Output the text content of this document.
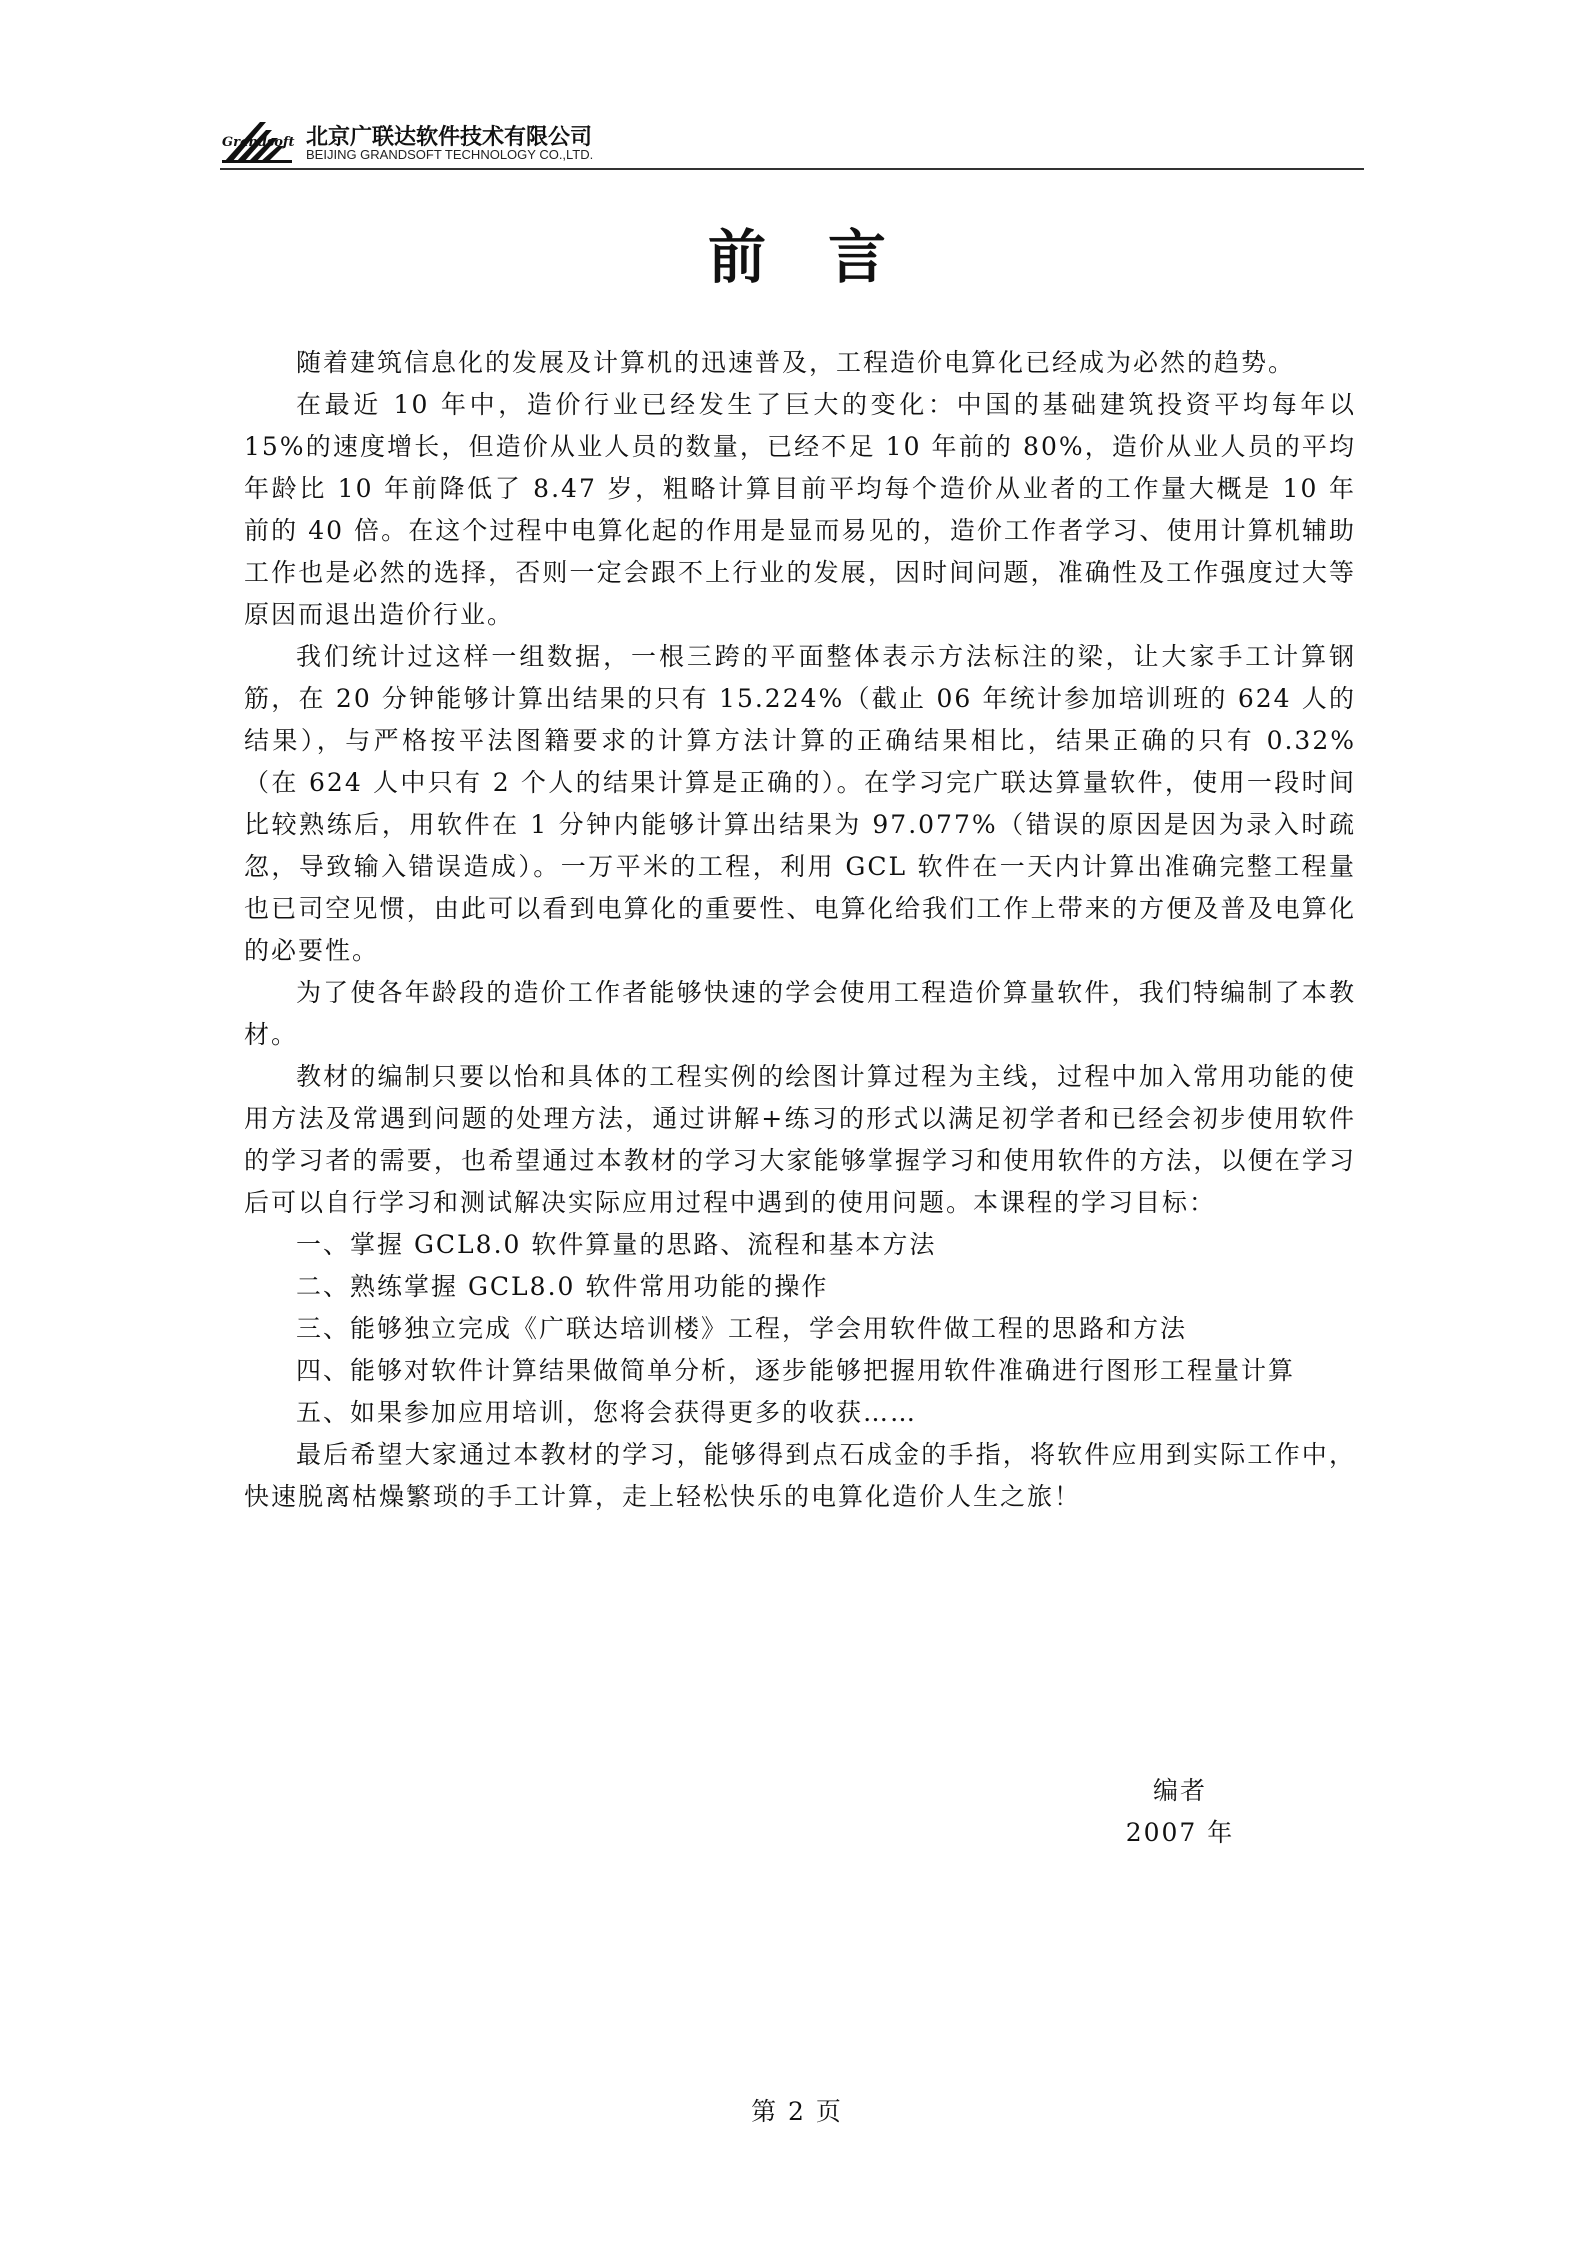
Grandsoft 北京广联达软件技术有限公司
BEIJING GRANDSOFT TECHNOLOGY CO.,LTD.
前言

随着建筑信息化的发展及计算机的迅速普及，工程造价电算化已经成为必然的趋势。

在最近 10 年中，造价行业已经发生了巨大的变化：中国的基础建筑投资平均每年以 15%的速度增长，但造价从业人员的数量，已经不足 10 年前的 80%，造价从业人员的平均年龄比 10 年前降低了 8.47 岁，粗略计算目前平均每个造价从业者的工作量大概是 10 年前的 40 倍。在这个过程中电算化起的作用是显而易见的，造价工作者学习、使用计算机辅助工作也是必然的选择，否则一定会跟不上行业的发展，因时间问题，准确性及工作强度过大等原因而退出造价行业。

我们统计过这样一组数据，一根三跨的平面整体表示方法标注的梁，让大家手工计算钢筋，在 20 分钟能够计算出结果的只有 15.224%（截止 06 年统计参加培训班的 624 人的结果），与严格按平法图籍要求的计算方法计算的正确结果相比，结果正确的只有 0.32%（在 624 人中只有 2 个人的结果计算是正确的）。在学习完广联达算量软件，使用一段时间比较熟练后，用软件在 1 分钟内能够计算出结果为 97.077%（错误的原因是因为录入时疏忽，导致输入错误造成）。一万平米的工程，利用 GCL 软件在一天内计算出准确完整工程量也已司空见惯，由此可以看到电算化的重要性、电算化给我们工作上带来的方便及普及电算化的必要性。

为了使各年龄段的造价工作者能够快速的学会使用工程造价算量软件，我们特编制了本教材。

教材的编制只要以怡和具体的工程实例的绘图计算过程为主线，过程中加入常用功能的使用方法及常遇到问题的处理方法，通过讲解+练习的形式以满足初学者和已经会初步使用软件的学习者的需要，也希望通过本教材的学习大家能够掌握学习和使用软件的方法，以便在学习后可以自行学习和测试解决实际应用过程中遇到的使用问题。本课程的学习目标：

一、 掌握 GCL8.0 软件算量的思路、流程和基本方法
二、 熟练掌握 GCL8.0 软件常用功能的操作
三、 能够独立完成《广联达培训楼》工程，学会用软件做工程的思路和方法
四、 能够对软件计算结果做简单分析，逐步能够把握用软件准确进行图形工程量计算
五、 如果参加应用培训，您将会获得更多的收获……

最后希望大家通过本教材的学习，能够得到点石成金的手指，将软件应用到实际工作中，快速脱离枯燥繁琐的手工计算，走上轻松快乐的电算化造价人生之旅！

编者
2007 年
第 2 页
